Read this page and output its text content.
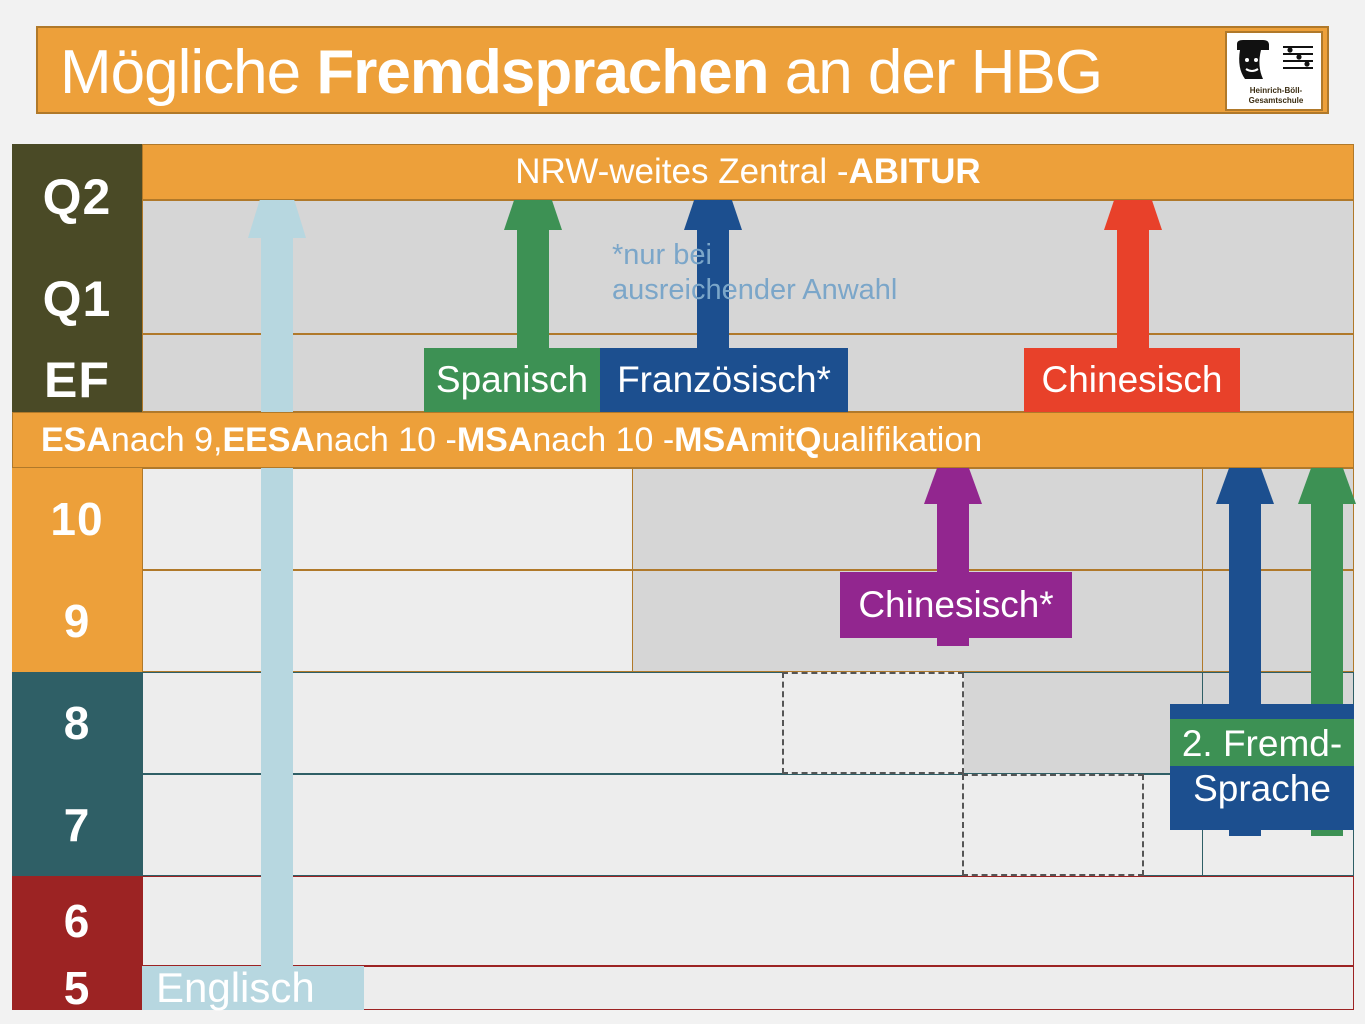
Mögliche Fremdsprachen an der HBG	Heinrich-Böll-
Gesamtschule
Q2
Q1
EF
10
9
8
7
6
5
NRW-weites Zentral - ABITUR
ESA nach 9, EESA nach 10 - MSA nach 10 - MSA mit Q ualifikation
Spanisch Französisch*	Chinesisch
Chinesisch*
2. Fremd-
Sprache
Englisch
*nur bei
ausreichender Anwahl
